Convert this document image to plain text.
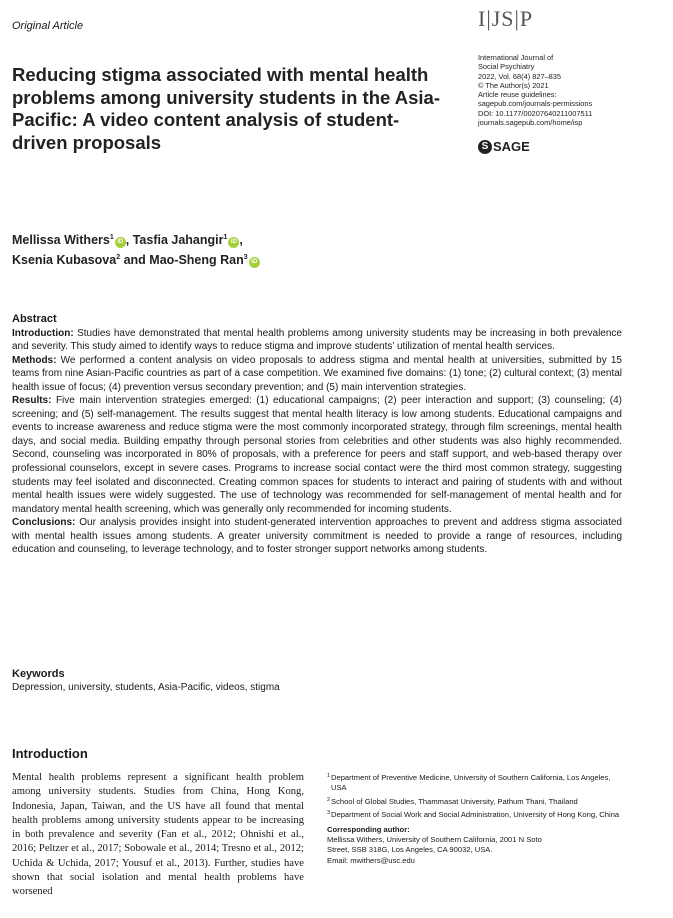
Original Article	I|JS|P
International Journal of
Social Psychiatry
2022, Vol. 68(4) 827–835
© The Author(s) 2021
Article reuse guidelines:
sagepub.com/journals-permissions
DOI: 10.1177/00207640211007511
journals.sagepub.com/home/isp
S SAGE
Reducing stigma associated with mental health problems among university students in the Asia-Pacific: A video content analysis of student-driven proposals
Mellissa Withers$^1$iD , Tasfia Jahangir$^1$iD ,
Ksenia Kubasova$^2$ and Mao-Sheng Ran$^3$iD
Abstract

Introduction: Studies have demonstrated that mental health problems among university students may be increasing in both prevalence and severity. This study aimed to identify ways to reduce stigma and improve students’ utilization of mental health services.

Methods: We performed a content analysis on video proposals to address stigma and mental health at universities, submitted by 15 teams from nine Asian-Pacific countries as part of a case competition. We examined five domains: (1) tone; (2) cultural context; (3) mental health issue of focus; (4) prevention versus secondary prevention; and (5) main intervention strategies.

Results: Five main intervention strategies emerged: (1) educational campaigns; (2) peer interaction and support; (3) counseling; (4) screening; and (5) self-management. The results suggest that mental health literacy is low among students. Educational campaigns and events to increase awareness and reduce stigma were the most commonly incorporated strategy, through film screenings, mental health days, and social media. Building empathy through personal stories from celebrities and other students was also highly recommended. Second, counseling was incorporated in 80% of proposals, with a preference for peers and staff support, and web-based therapy over professional counselors, except in severe cases. Programs to increase social contact were the third most common strategy, suggesting students may feel isolated and disconnected. Creating common spaces for students to interact and pairing of students with and without mental health issues were widely suggested. The use of technology was recommended for self-management of mental health and for mandatory mental health screening, which was generally only recommended for incoming students.

Conclusions: Our analysis provides insight into student-generated intervention approaches to prevent and address stigma associated with mental health issues among students. A greater university commitment is needed to provide a range of resources, including education and counseling, to leverage technology, and to foster stronger support networks among students.

Keywords
Depression, university, students, Asia-Pacific, videos, stigma
Introduction
Mental health problems represent a significant health problem among university students. Studies from China, Hong Kong, Indonesia, Japan, Taiwan, and the US have all found that mental health problems among university students appear to be increasing in both prevalence and severity (Fan et al., 2012; Ohnishi et al., 2016; Peltzer et al., 2017; Sobowale et al., 2014; Tresno et al., 2012; Uchida & Uchida, 2017; Yousuf et al., 2013). Further, studies have shown that social isolation and mental health problems have worsened
1 Department of Preventive Medicine, University of Southern California, Los Angeles, USA
2 School of Global Studies, Thammasat University, Pathum Thani, Thailand
3 Department of Social Work and Social Administration, University of Hong Kong, China
Corresponding author:
Mellissa Withers, University of Southern California, 2001 N Soto
Street, SSB 318G, Los Angeles, CA 90032, USA.
Email: mwithers@usc.edu
